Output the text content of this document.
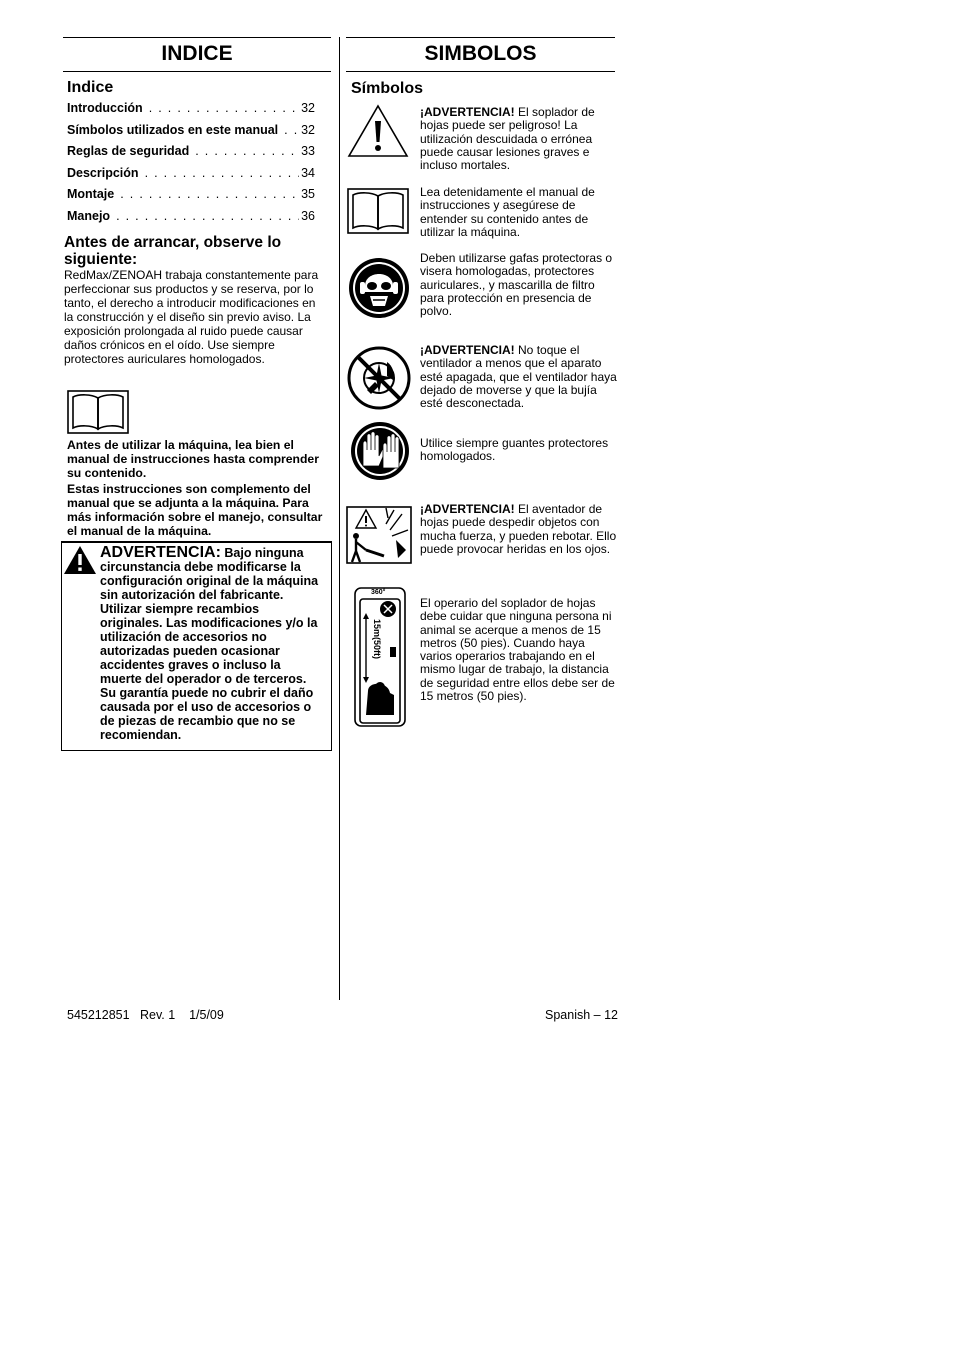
INDICE
Indice
Introducción . . .	32
Símbolos utilizados en este manual . . . 32
Reglas de seguridad . . .	33
Descripción . . .	34
Montaje . . .	35
Manejo . . .	36
Antes de arrancar, observe lo siguiente:
RedMax/ZENOAH trabaja constantemente para perfeccionar sus productos y se reserva, por lo tanto, el derecho a introducir modificaciones en la construcción y el diseño sin previo aviso. La exposición prolongada al ruido puede causar daños crónicos en el oído. Use siempre protectores auriculares homologados.
Antes de utilizar la máquina, lea bien el manual de instrucciones hasta comprender su contenido.
Estas instrucciones son complemento del manual que se adjunta a la máquina. Para más información sobre el manejo, consultar el manual de la máquina.
ADVERTENCIA: Bajo ninguna circunstancia debe modificarse la configuración original de la máquina sin autorización del fabricante. Utilizar siempre recambios originales. Las modificaciones y/o la utilización de accesorios no autorizadas pueden ocasionar accidentes graves o incluso la muerte del operador o de terceros. Su garantía puede no cubrir el daño causada por el uso de accesorios o de piezas de recambio que no se recomiendan.
SIMBOLOS
Símbolos
¡ADVERTENCIA! El soplador de hojas puede ser peligroso! La utilización descuidada o errónea puede causar lesiones graves e incluso mortales.
Lea detenidamente el manual de instrucciones y asegúrese de entender su contenido antes de utilizar la máquina.
Deben utilizarse gafas protectoras o visera homologadas, protectores auriculares., y mascarilla de filtro para protección en presencia de polvo.
¡ADVERTENCIA! No toque el ventilador a menos que el aparato esté apagada, que el ventilador haya dejado de moverse y que la bujía esté desconectada.
Utilice siempre guantes protectores homologados.
¡ADVERTENCIA! El aventador de hojas puede despedir objetos con mucha fuerza, y pueden rebotar. Ello puede provocar heridas en los ojos.
360°
15m(50ft)
El operario del soplador de hojas debe cuidar que ninguna persona ni animal se acerque a menos de 15 metros (50 pies). Cuando haya varios operarios trabajando en el mismo lugar de trabajo, la distancia de seguridad entre ellos debe ser de 15 metros (50 pies).
545212851   Rev. 1    1/5/09	Spanish – 12
